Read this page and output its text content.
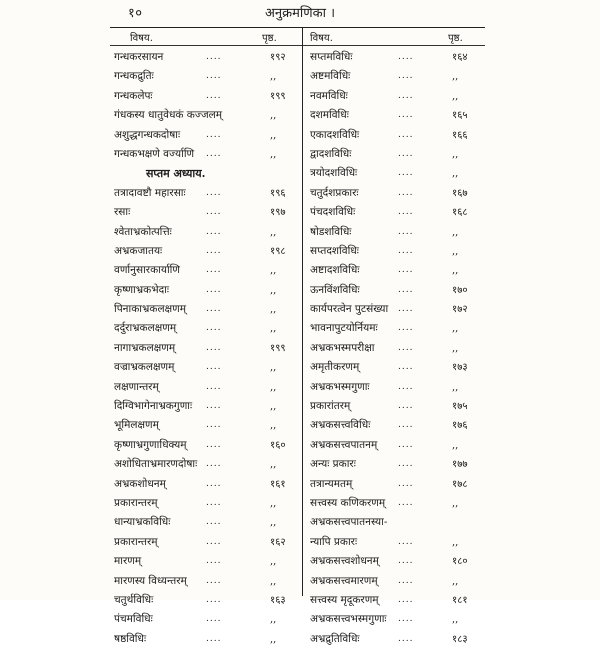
१०	अनुक्रमणिका ।
विषय.	पृष्ठ.	विषय.	पृष्ठ.
गन्धकरसायन	....	१९२
गन्धकद्रुतिः	....	,,
गन्धकलेपः	....	१९९
गंधकस्य धातुवेधकं कज्जलम्	,,
अशुद्धगन्धकदोषाः	....	,,
गन्धकभक्षणे वर्ज्याणि ....	,,
सप्तम अध्याय.
तत्रादावष्टौ महारसाः ....	१९६
रसाः	....	१९७
श्वेताभ्रकोत्पत्तिः	....	,,
अभ्रकजातयः	....	१९८
वर्णानुसारकार्याणि	....	,,
कृष्णाभ्रकभेदाः	....	,,
पिनाकाभ्रकलक्षणम् ....	,,
दर्दुराभ्रकलक्षणम्	....	,,
नागाभ्रकलक्षणम्	....	१९९
वज्राभ्रकलक्षणम्	....	,,
लक्षणान्तरम्	....	,,
दिग्विभागेनाभ्रकगुणाः ....	,,
भूमिलक्षणम्	....	,,
कृष्णाभ्रगुणाधिक्यम् ....	१६०
अशोधिताभ्रमारणदोषाः ....	,,
अभ्रकशोधनम्	....	१६१
प्रकारान्तरम्	....	,,
धान्याभ्रकविधिः	....	,,
प्रकारान्तरम्	....	१६२
मारणम्	....	,,
मारणस्य विध्यन्तरम् ....	,,
चतुर्थविधिः	....	१६३
पंचमविधिः	....	,,
षष्ठविधिः	....	,,
सप्तमविधिः	....	१६४
अष्टमविधिः	....	,,
नवमविधिः	....	,,
दशमविधिः	....	१६५
एकादशविधिः	....	१६६
द्वादशविधिः	....	,,
त्रयोदशविधिः	....	,,
चतुर्दशप्रकारः	....	१६७
पंचदशविधिः	....	१६८
षोडशविधिः	....	,,
सप्तदशविधिः	....	,,
अष्टादशविधिः	....	,,
ऊनविंशविधिः	....	१७०
कार्यपरत्वेन पुटसंख्या ....	१७२
भावनापुटयोर्नियमः ....	,,
अभ्रकभस्मपरीक्षा	....	,,
अमृतीकरणम्	....	१७३
अभ्रकभस्मगुणाः	....	,,
प्रकारांतरम्	....	१७५
अभ्रकसत्त्वविधिः	....	१७६
अभ्रकसत्त्वपातनम् ....	,,
अन्यः प्रकारः	....	१७७
तत्रान्यमतम्	....	१७८
सत्त्वस्य कणिकरणम् ....	,,
अभ्रकसत्त्वपातनस्या-
न्यापि प्रकारः	....	,,
अभ्रकसत्त्वशोधनम् ....	१८०
अभ्रकसत्त्वमारणम् ....	,,
सत्त्वस्य मृदूकरणम् ....	१८१
अभ्रकसत्त्वभस्मगुणाः ....	,,
अभ्रद्रुतिविधिः	....	१८३
